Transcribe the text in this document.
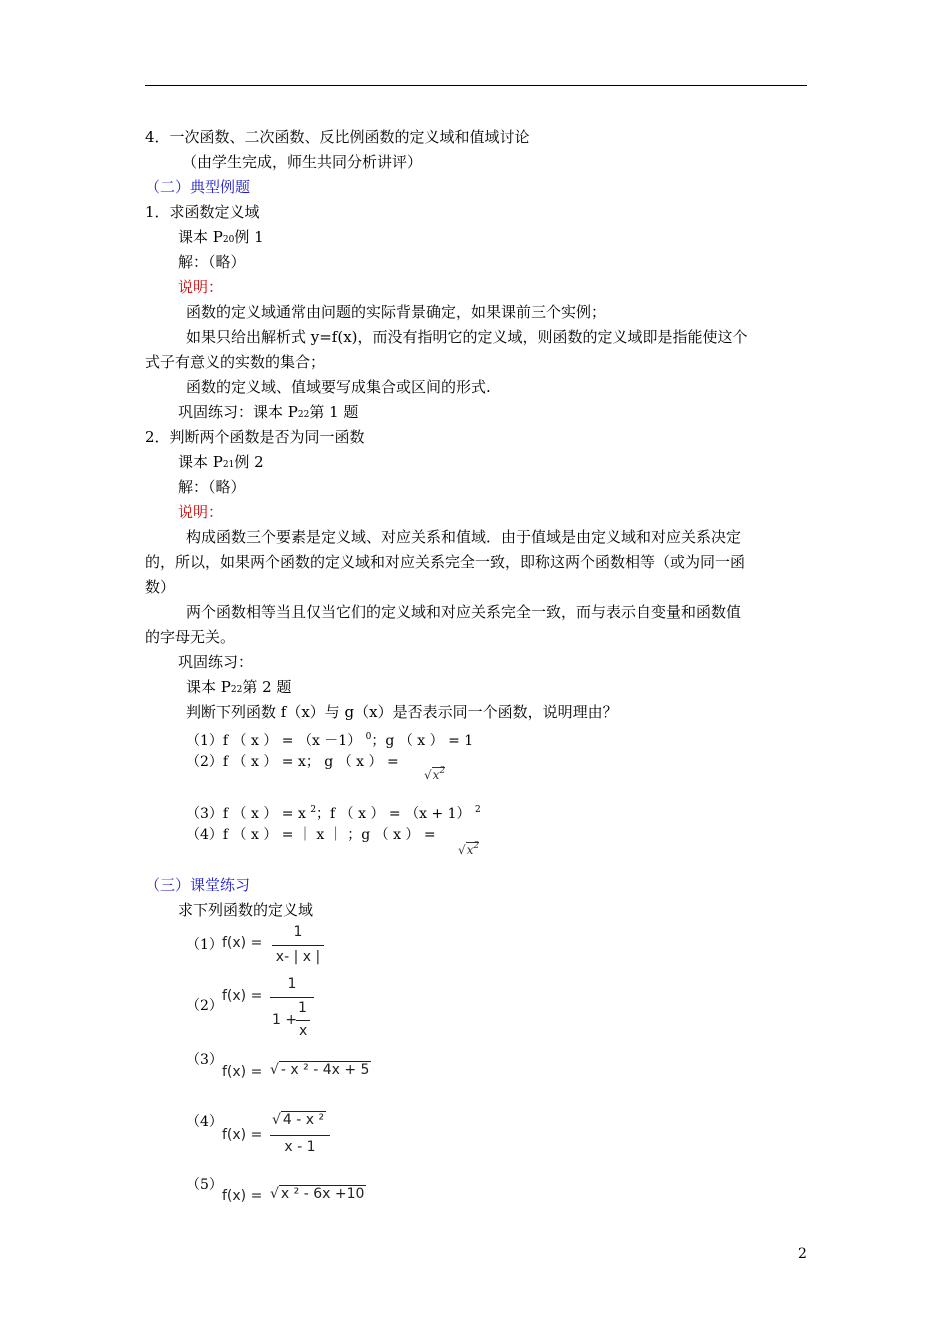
4．一次函数、二次函数、反比例函数的定义域和值域讨论
（由学生完成，师生共同分析讲评）
（二）典型例题
1．求函数定义域
课本 P20例 1
解：（略）
说明：
函数的定义域通常由问题的实际背景确定，如果课前三个实例；
如果只给出解析式 y=f(x)，而没有指明它的定义域，则函数的定义域即是指能使这个
式子有意义的实数的集合；
函数的定义域、值域要写成集合或区间的形式.
巩固练习：课本 P22第 1 题
2．判断两个函数是否为同一函数
课本 P21例 2
解：（略）
说明：
构成函数三个要素是定义域、对应关系和值域．由于值域是由定义域和对应关系决定
的，所以，如果两个函数的定义域和对应关系完全一致，即称这两个函数相等（或为同一函
数）
两个函数相等当且仅当它们的定义域和对应关系完全一致，而与表示自变量和函数值
的字母无关。
巩固练习：
课本 P22第 2 题
判断下列函数 f（x）与 g（x）是否表示同一个函数，说明理由？
（1）f （ x ） = （x －1） $^0$；g （ x ） = 1
（2）f （ x ） = x； g （ x ） =
$√x^2$
（3）f （ x ） = x $^2$；f （ x ） = （x + 1） $^2$
（4）f （ x ） = ｜ x ｜ ；g （ x ） =
$√x^2$
（三）课堂练习
求下列函数的定义域
（1） f(x) =
1
x- | x |
（2）
f(x) =
1
1 +
1
x
（3）
f(x) = √ - x ² - 4x + 5
（4）
f(x) =
√ 4 - x ²
x - 1
（5）
f(x) = √ x ² - 6x +10
2
